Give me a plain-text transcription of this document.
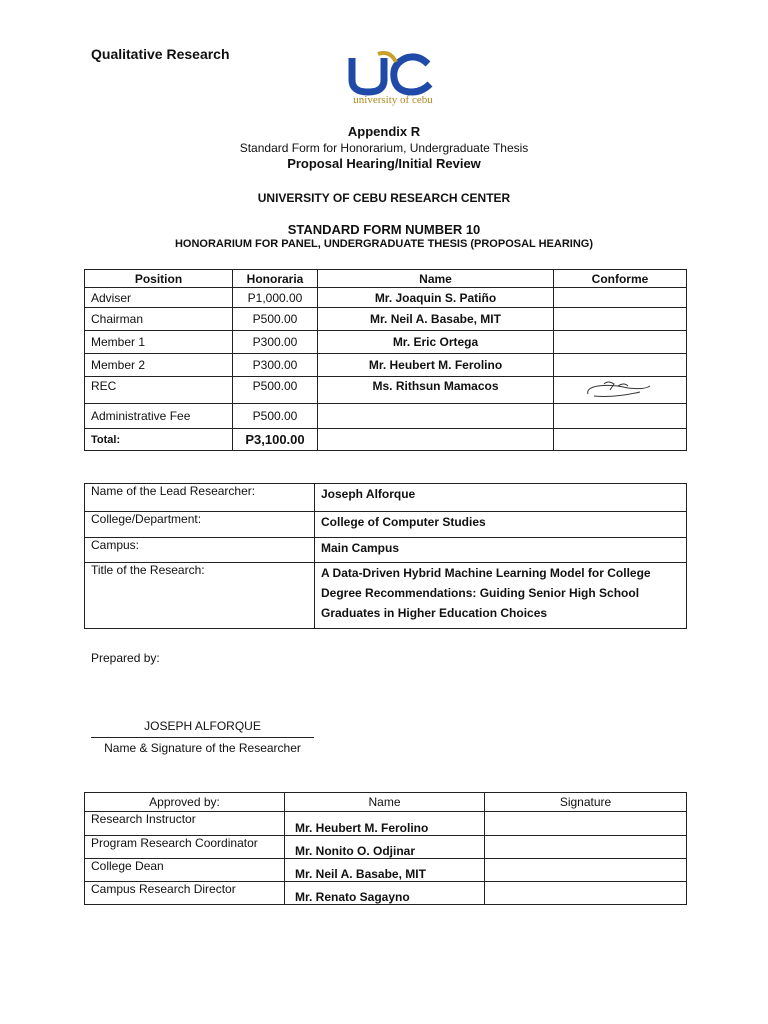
Qualitative Research
university of cebu
Appendix R
Standard Form for Honorarium, Undergraduate Thesis
Proposal Hearing/Initial Review
UNIVERSITY OF CEBU RESEARCH CENTER
STANDARD FORM NUMBER 10
HONORARIUM FOR PANEL, UNDERGRADUATE THESIS (PROPOSAL HEARING)
Position	Honoraria	Name	Conforme
Adviser	P1,000.00	Mr. Joaquin S. Patiño	
Chairman	P500.00	Mr. Neil A. Basabe, MIT	
Member 1	P300.00	Mr. Eric Ortega	
Member 2	P300.00	Mr. Heubert M. Ferolino	
REC	P500.00	Ms. Rithsun Mamacos	
Administrative Fee	P500.00		
Total:	P3,100.00		
Name of the Lead Researcher:	Joseph Alforque
College/Department:	College of Computer Studies
Campus:	Main Campus
Title of the Research:	A Data-Driven Hybrid Machine Learning Model for College Degree Recommendations: Guiding Senior High School Graduates in Higher Education Choices
Prepared by:
JOSEPH ALFORQUE
Name & Signature of the Researcher
Approved by:	Name	Signature
Research Instructor	Mr. Heubert M. Ferolino	
Program Research Coordinator	Mr. Nonito O. Odjinar	
College Dean	Mr. Neil A. Basabe, MIT	
Campus Research Director	Mr. Renato Sagayno	
